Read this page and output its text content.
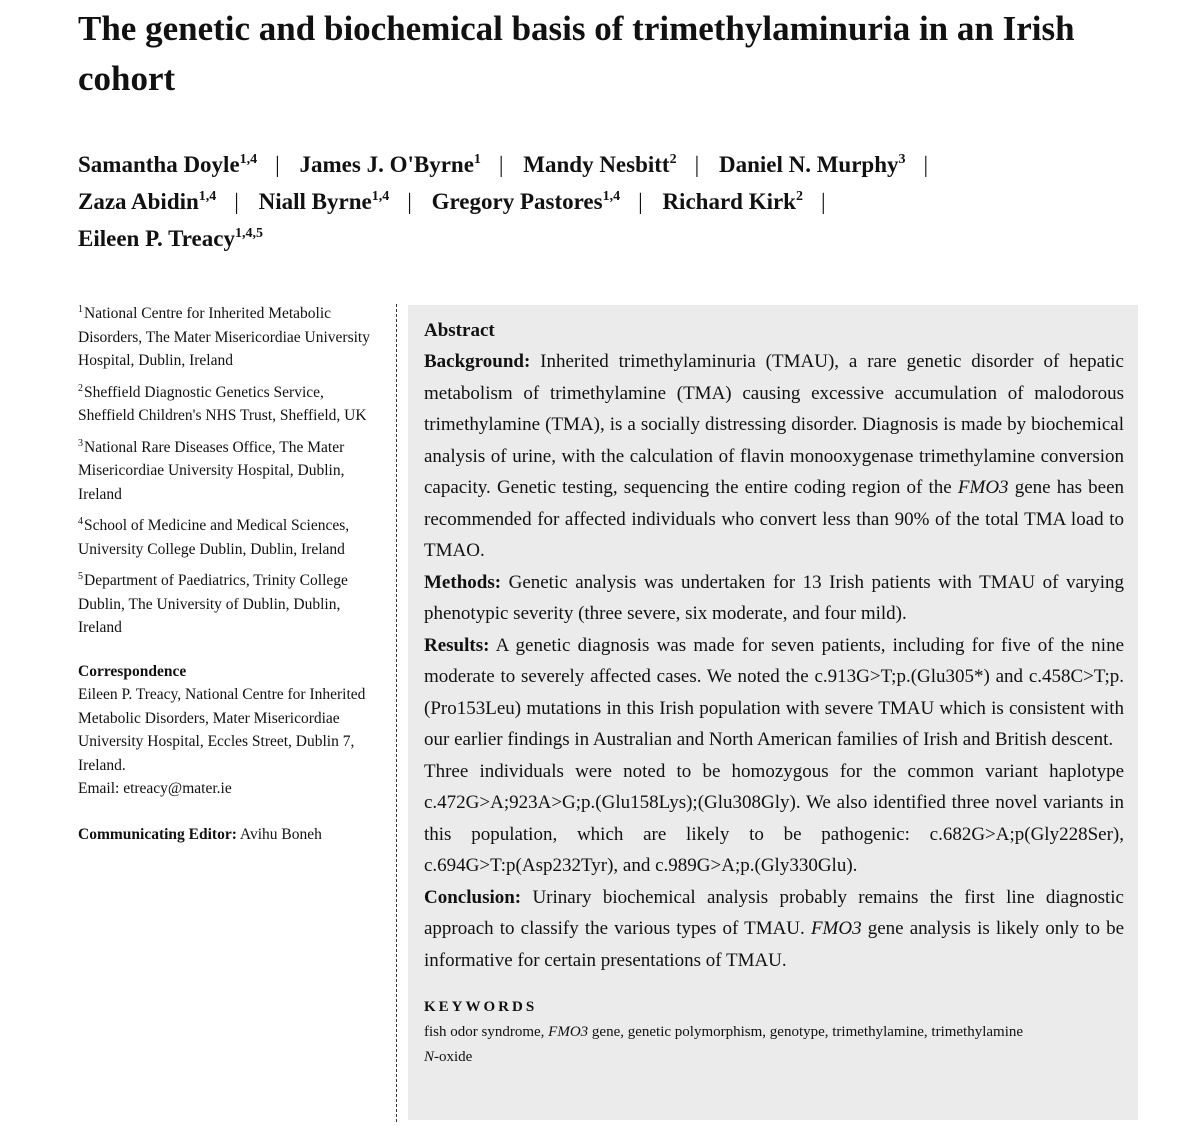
The genetic and biochemical basis of trimethylaminuria in an Irish cohort
Samantha Doyle$^{1,4}$ | James J. O'Byrne$^1$ | Mandy Nesbitt$^2$ | Daniel N. Murphy$^3$ |
Zaza Abidin$^{1,4}$ | Niall Byrne$^{1,4}$ | Gregory Pastores$^{1,4}$ | Richard Kirk$^2$ |
Eileen P. Treacy$^{1,4,5}$
$^1$National Centre for Inherited Metabolic Disorders, The Mater Misericordiae University Hospital, Dublin, Ireland
$^2$Sheffield Diagnostic Genetics Service, Sheffield Children's NHS Trust, Sheffield, UK
$^3$National Rare Diseases Office, The Mater Misericordiae University Hospital, Dublin, Ireland
$^4$School of Medicine and Medical Sciences, University College Dublin, Dublin, Ireland
$^5$Department of Paediatrics, Trinity College Dublin, The University of Dublin, Dublin, Ireland
Correspondence
Eileen P. Treacy, National Centre for Inherited Metabolic Disorders, Mater Misericordiae University Hospital, Eccles Street, Dublin 7, Ireland.
Email: etreacy@mater.ie
Communicating Editor: Avihu Boneh
Abstract

Background: Inherited trimethylaminuria (TMAU), a rare genetic disorder of hepatic metabolism of trimethylamine (TMA) causing excessive accumulation of malodorous trimethylamine (TMA), is a socially distressing disorder. Diagnosis is made by biochemical analysis of urine, with the calculation of flavin monooxygenase trimethylamine conversion capacity. Genetic testing, sequencing the entire coding region of the FMO3 gene has been recommended for affected individuals who convert less than 90% of the total TMA load to TMAO.

Methods: Genetic analysis was undertaken for 13 Irish patients with TMAU of varying phenotypic severity (three severe, six moderate, and four mild).

Results: A genetic diagnosis was made for seven patients, including for five of the nine moderate to severely affected cases. We noted the c.913G>T;p.(Glu305*) and c.458C>T;p.(Pro153Leu) mutations in this Irish population with severe TMAU which is consistent with our earlier findings in Australian and North American families of Irish and British descent.

Three individuals were noted to be homozygous for the common variant haplotype c.472G>A;923A>G;p.(Glu158Lys);(Glu308Gly). We also identified three novel variants in this population, which are likely to be pathogenic: c.682G>A;p(Gly228Ser), c.694G>T:p(Asp232Tyr), and c.989G>A;p.(Gly330Glu).

Conclusion: Urinary biochemical analysis probably remains the first line diagnostic approach to classify the various types of TMAU. FMO3 gene analysis is likely only to be informative for certain presentations of TMAU.

KEYWORDS
fish odor syndrome, FMO3 gene, genetic polymorphism, genotype, trimethylamine, trimethylamine
N-oxide
